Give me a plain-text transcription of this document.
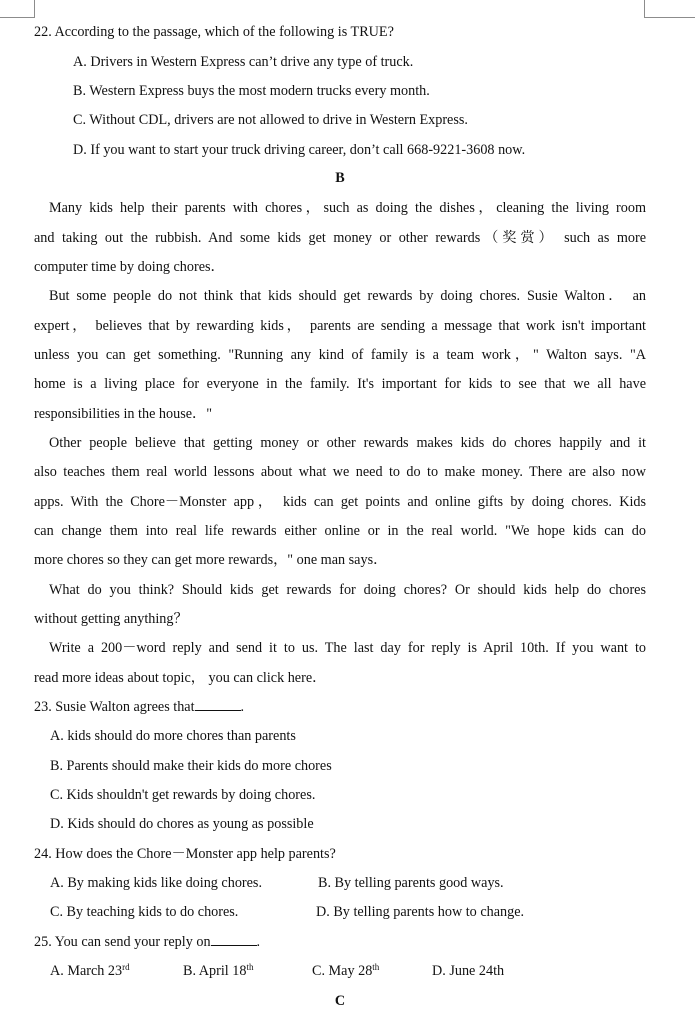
22. According to the passage, which of the following is TRUE?
A. Drivers in Western Express can’t drive any type of truck.
B. Western Express buys the most modern trucks every month.
C. Without CDL, drivers are not allowed to drive in Western Express.
D. If you want to start your truck driving career, don’t call 668-9221-3608 now.
B
Many kids help their parents with chores，such as doing the dishes，cleaning the living room
and taking out the rubbish. And some kids get money or other rewards（奖赏） such as more
computer time by doing chores．
But some people do not think that kids should get rewards by doing chores. Susie Walton． an
expert， believes that by rewarding kids， parents are sending a message that work isn't important
unless you can get something. "Running any kind of family is a team work，" Walton says. "A
home is a living place for everyone in the family. It's important for kids to see that we all have
responsibilities in the house．"
Other people believe that getting money or other rewards makes kids do chores happily and it
also teaches them real world lessons about what we need to do to make money. There are also now
apps. With the Chore－Monster app， kids can get points and online gifts by doing chores. Kids
can change them into real life rewards either online or in the real world. "We hope kids can do
more chores so they can get more rewards，" one man says．
What do you think? Should kids get rewards for doing chores? Or should kids help do chores
without getting anything？
Write a 200－word reply and send it to us. The last day for reply is April 10th. If you want to
read more ideas about topic， you can click here．
23. Susie Walton agrees that	.
A. kids should do more chores than parents
B. Parents should make their kids do more chores
C. Kids shouldn't get rewards by doing chores.
D. Kids should do chores as young as possible
24. How does the Chore－Monster app help parents?
A. By making kids like doing chores.	B. By telling parents good ways.
C. By teaching kids to do chores.	D. By telling parents how to change.
25. You can send your reply on	.
A. March 23rd	B. April 18th	C. May 28th	D. June 24th
C
